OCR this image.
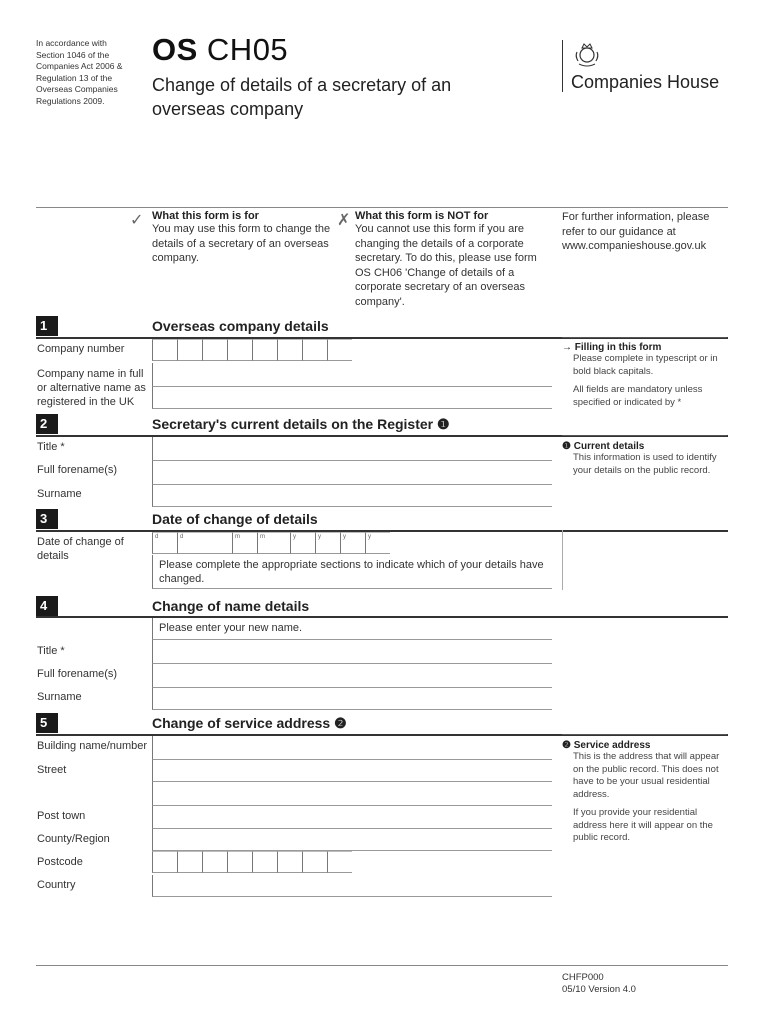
In accordance with Section 1046 of the Companies Act 2006 & Regulation 13 of the Overseas Companies Regulations 2009.
OS CH05
Change of details of a secretary of an overseas company
Companies House
✓ What this form is for
You may use this form to change the details of a secretary of an overseas company.
✗ What this form is NOT for
You cannot use this form if you are changing the details of a corporate secretary. To do this, please use form OS CH06 'Change of details of a corporate secretary of an overseas company'.
For further information, please refer to our guidance at www.companieshouse.gov.uk
1	Overseas company details
Company number
Company name in full or alternative name as registered in the UK
→ Filling in this form
Please complete in typescript or in bold black capitals.
All fields are mandatory unless specified or indicated by *
2	Secretary's current details on the Register ❶
Title *
Full forename(s)
Surname
❶ Current details
This information is used to identify your details on the public record.
3	Date of change of details
Date of change of details
d	d	m	m	y	y	y	y
Please complete the appropriate sections to indicate which of your details have changed.
4	Change of name details
Please enter your new name.
Title *
Full forename(s)
Surname
5	Change of service address ❷
Building name/number
Street
Post town
County/Region
Postcode
Country
❷ Service address
This is the address that will appear on the public record. This does not have to be your usual residential address.
If you provide your residential address here it will appear on the public record.
CHFP000
05/10 Version 4.0
